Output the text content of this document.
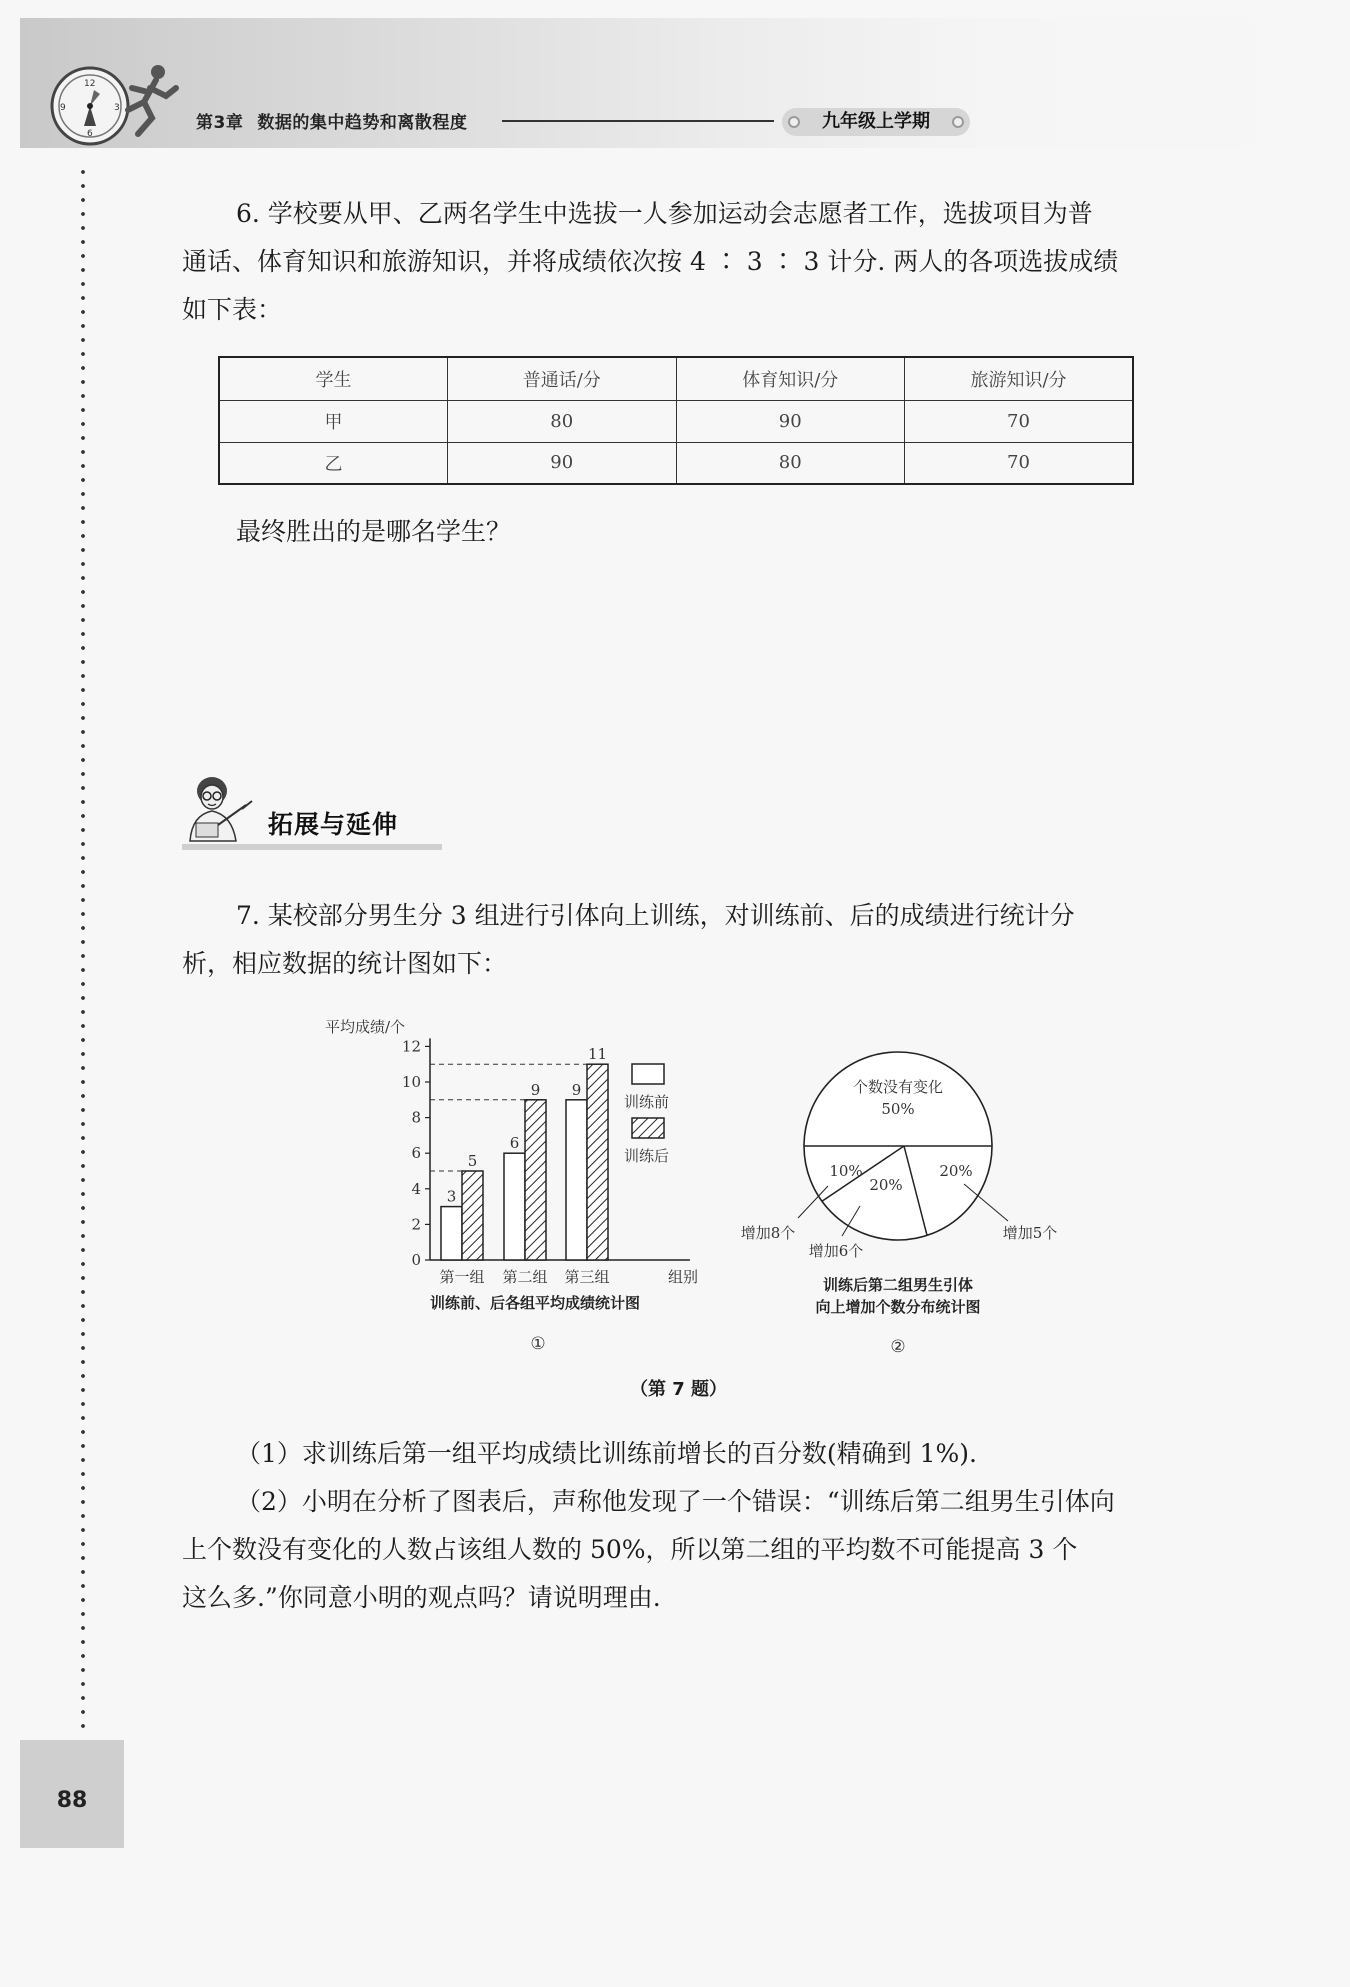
12
3
6
9
第3章 数据的集中趋势和离散程度	九年级上学期
88

6. 学校要从甲、乙两名学生中选拔一人参加运动会志愿者工作，选拔项目为普

通话、体育知识和旅游知识，并将成绩依次按 4 ∶ 3 ∶ 3 计分. 两人的各项选拔成绩

如下表：

学生	普通话/分	体育知识/分	旅游知识/分
甲	80	90	70
乙	90	80	70
最终胜出的是哪名学生？
拓展与延伸

7. 某校部分男生分 3 组进行引体向上训练，对训练前、后的成绩进行统计分

析，相应数据的统计图如下：

平均成绩/个
组别
0
2
4
6
8
10
12
3
5
第一组
6
9
第二组
9
11
第三组
训练前
训练后
训练前、后各组平均成绩统计图
①
个数没有变化
50%
20%
20%
10%
增加5个
增加6个
增加8个
训练后第二组男生引体
向上增加个数分布统计图
②
（第 7 题）

（1）求训练后第一组平均成绩比训练前增长的百分数(精确到 1%).

（2）小明在分析了图表后，声称他发现了一个错误：“训练后第二组男生引体向

上个数没有变化的人数占该组人数的 50%，所以第二组的平均数不可能提高 3 个

这么多.”你同意小明的观点吗？请说明理由.
